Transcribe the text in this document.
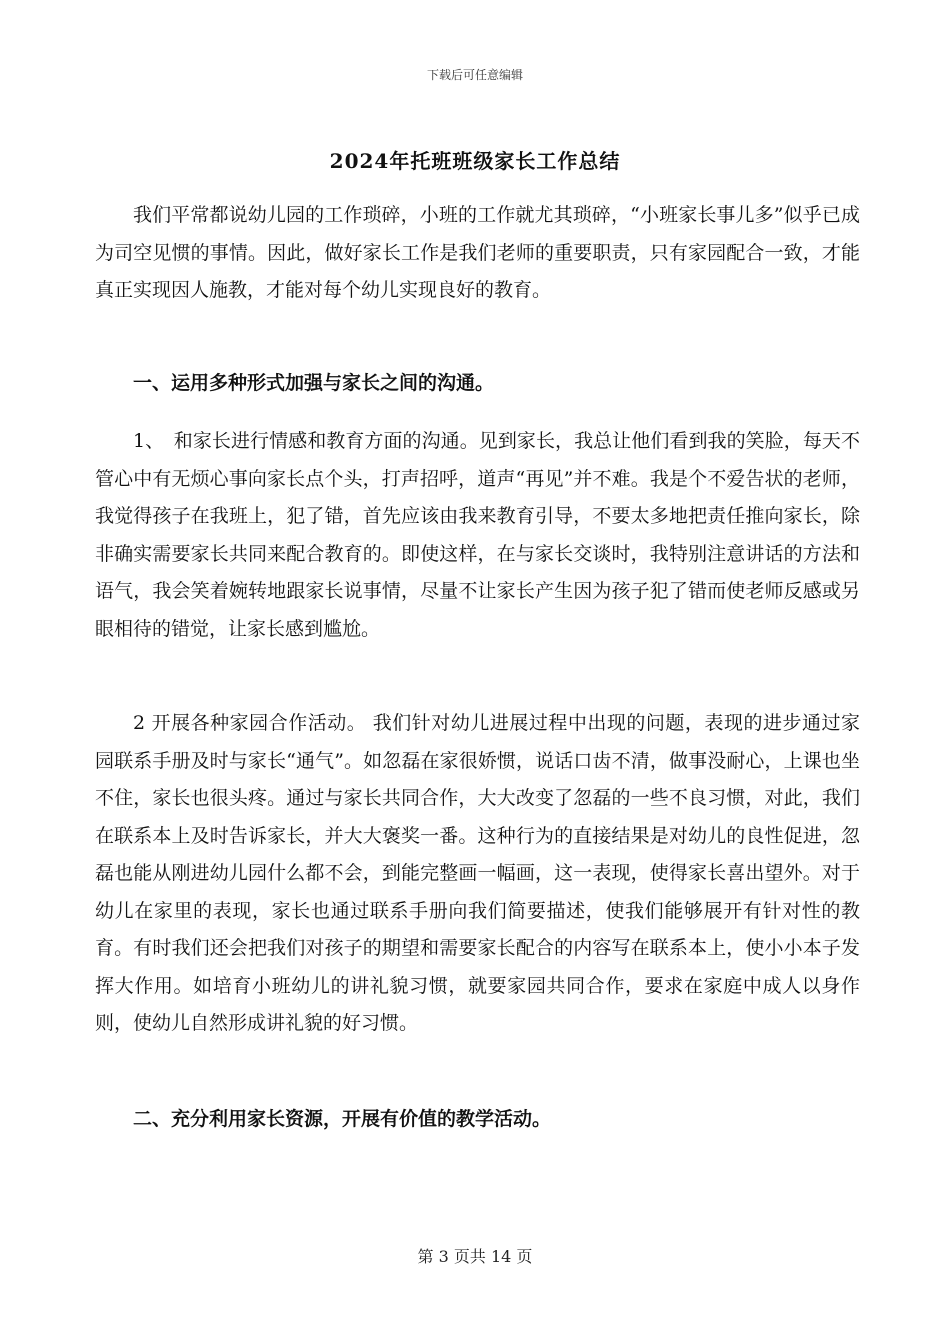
下载后可任意编辑
2024年托班班级家长工作总结

我们平常都说幼儿园的工作琐碎，小班的工作就尤其琐碎，“小班家长事儿多”似乎已成为司空见惯的事情。因此，做好家长工作是我们老师的重要职责，只有家园配合一致，才能真正实现因人施教，才能对每个幼儿实现良好的教育。

一、运用多种形式加强与家长之间的沟通。

1、　和家长进行情感和教育方面的沟通。见到家长，我总让他们看到我的笑脸，每天不管心中有无烦心事向家长点个头，打声招呼，道声“再见”并不难。我是个不爱告状的老师，我觉得孩子在我班上，犯了错，首先应该由我来教育引导，不要太多地把责任推向家长，除非确实需要家长共同来配合教育的。即使这样，在与家长交谈时，我特别注意讲话的方法和语气，我会笑着婉转地跟家长说事情，尽量不让家长产生因为孩子犯了错而使老师反感或另眼相待的错觉，让家长感到尴尬。

2 开展各种家园合作活动。 我们针对幼儿进展过程中出现的问题，表现的进步通过家园联系手册及时与家长“通气”。如忽磊在家很娇惯，说话口齿不清，做事没耐心，上课也坐不住，家长也很头疼。通过与家长共同合作，大大改变了忽磊的一些不良习惯，对此，我们在联系本上及时告诉家长，并大大褒奖一番。这种行为的直接结果是对幼儿的良性促进，忽磊也能从刚进幼儿园什么都不会，到能完整画一幅画，这一表现，使得家长喜出望外。对于幼儿在家里的表现，家长也通过联系手册向我们简要描述，使我们能够展开有针对性的教育。有时我们还会把我们对孩子的期望和需要家长配合的内容写在联系本上，使小小本子发挥大作用。如培育小班幼儿的讲礼貌习惯，就要家园共同合作，要求在家庭中成人以身作则，使幼儿自然形成讲礼貌的好习惯。

二、充分利用家长资源，开展有价值的教学活动。

第 3 页共 14 页
